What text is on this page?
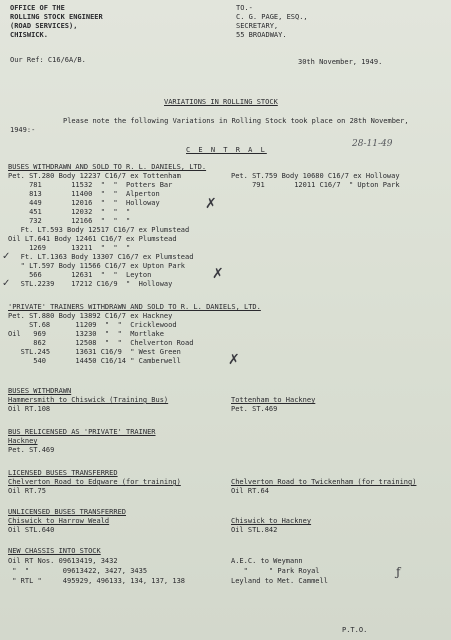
OFFICE OF THE
ROLLING STOCK ENGINEER
(ROAD SERVICES),
CHISWICK.
TO.-
C. G. PAGE, ESQ.,
SECRETARY,
55 BROADWAY.
Our Ref: C16/6A/B.	30th November, 1949.
VARIATIONS IN ROLLING STOCK
Please note the following Variations in Rolling Stock took place on 28th November,
1949:-
C E N T R A L
28-11-49
BUSES WITHDRAWN AND SOLD TO R. L. DANIELS, LTD.
Pet. ST.280 Body 12237 C16/7 ex Tottenham
781       11532  "  "  Potters Bar
813       11400  "  "  Alperton
449       12016  "  "  Holloway
451       12032  "  "  "
732       12166  "  "  "
Ft. LT.593 Body 12517 C16/7 ex Plumstead
Oil LT.641 Body 12461 C16/7 ex Plumstead
1269      13211  "  "  "
Ft. LT.1363 Body 13307 C16/7 ex Plumstead
" LT.597 Body 11566 C16/7 ex Upton Park
566       12631  "  "  Leyton
STL.2239    17212 C16/9  "  Holloway
Pet. ST.759 Body 10680 C16/7 ex Holloway
791       12011 C16/7  " Upton Park
✓
✓
✗
✗
'PRIVATE' TRAINERS WITHDRAWN AND SOLD TO R. L. DANIELS, LTD.
Pet. ST.880 Body 13892 C16/7 ex Hackney
ST.68      11209  "  "  Cricklewood
Oil   969       13230  "  "  Mortlake
862       12508  "  "  Chelverton Road
STL.245      13631 C16/9  " West Green
540       14450 C16/14 " Camberwell	✗
BUSES WITHDRAWN
Hammersmith to Chiswick (Training Bus)
Oil RT.108
Tottenham to Hackney
Pet. ST.469
BUS RELICENSED AS 'PRIVATE' TRAINER
Hackney
Pet. ST.469
LICENSED BUSES TRANSFERRED
Chelverton Road to Edgware (for training)
Oil RT.75
Chelverton Road to Twickenham (for training)
Oil RT.64
UNLICENSED BUSES TRANSFERRED
Chiswick to Harrow Weald
Oil STL.640
Chiswick to Hackney
Oil STL.842
NEW CHASSIS INTO STOCK
Oil RT Nos. 09613419, 3432
"  "        09613422, 3427, 3435
" RTL "     495929, 496133, 134, 137, 138
A.E.C. to Weymann
"     " Park Royal
Leyland to Met. Cammell
ƒ
P.T.O.
